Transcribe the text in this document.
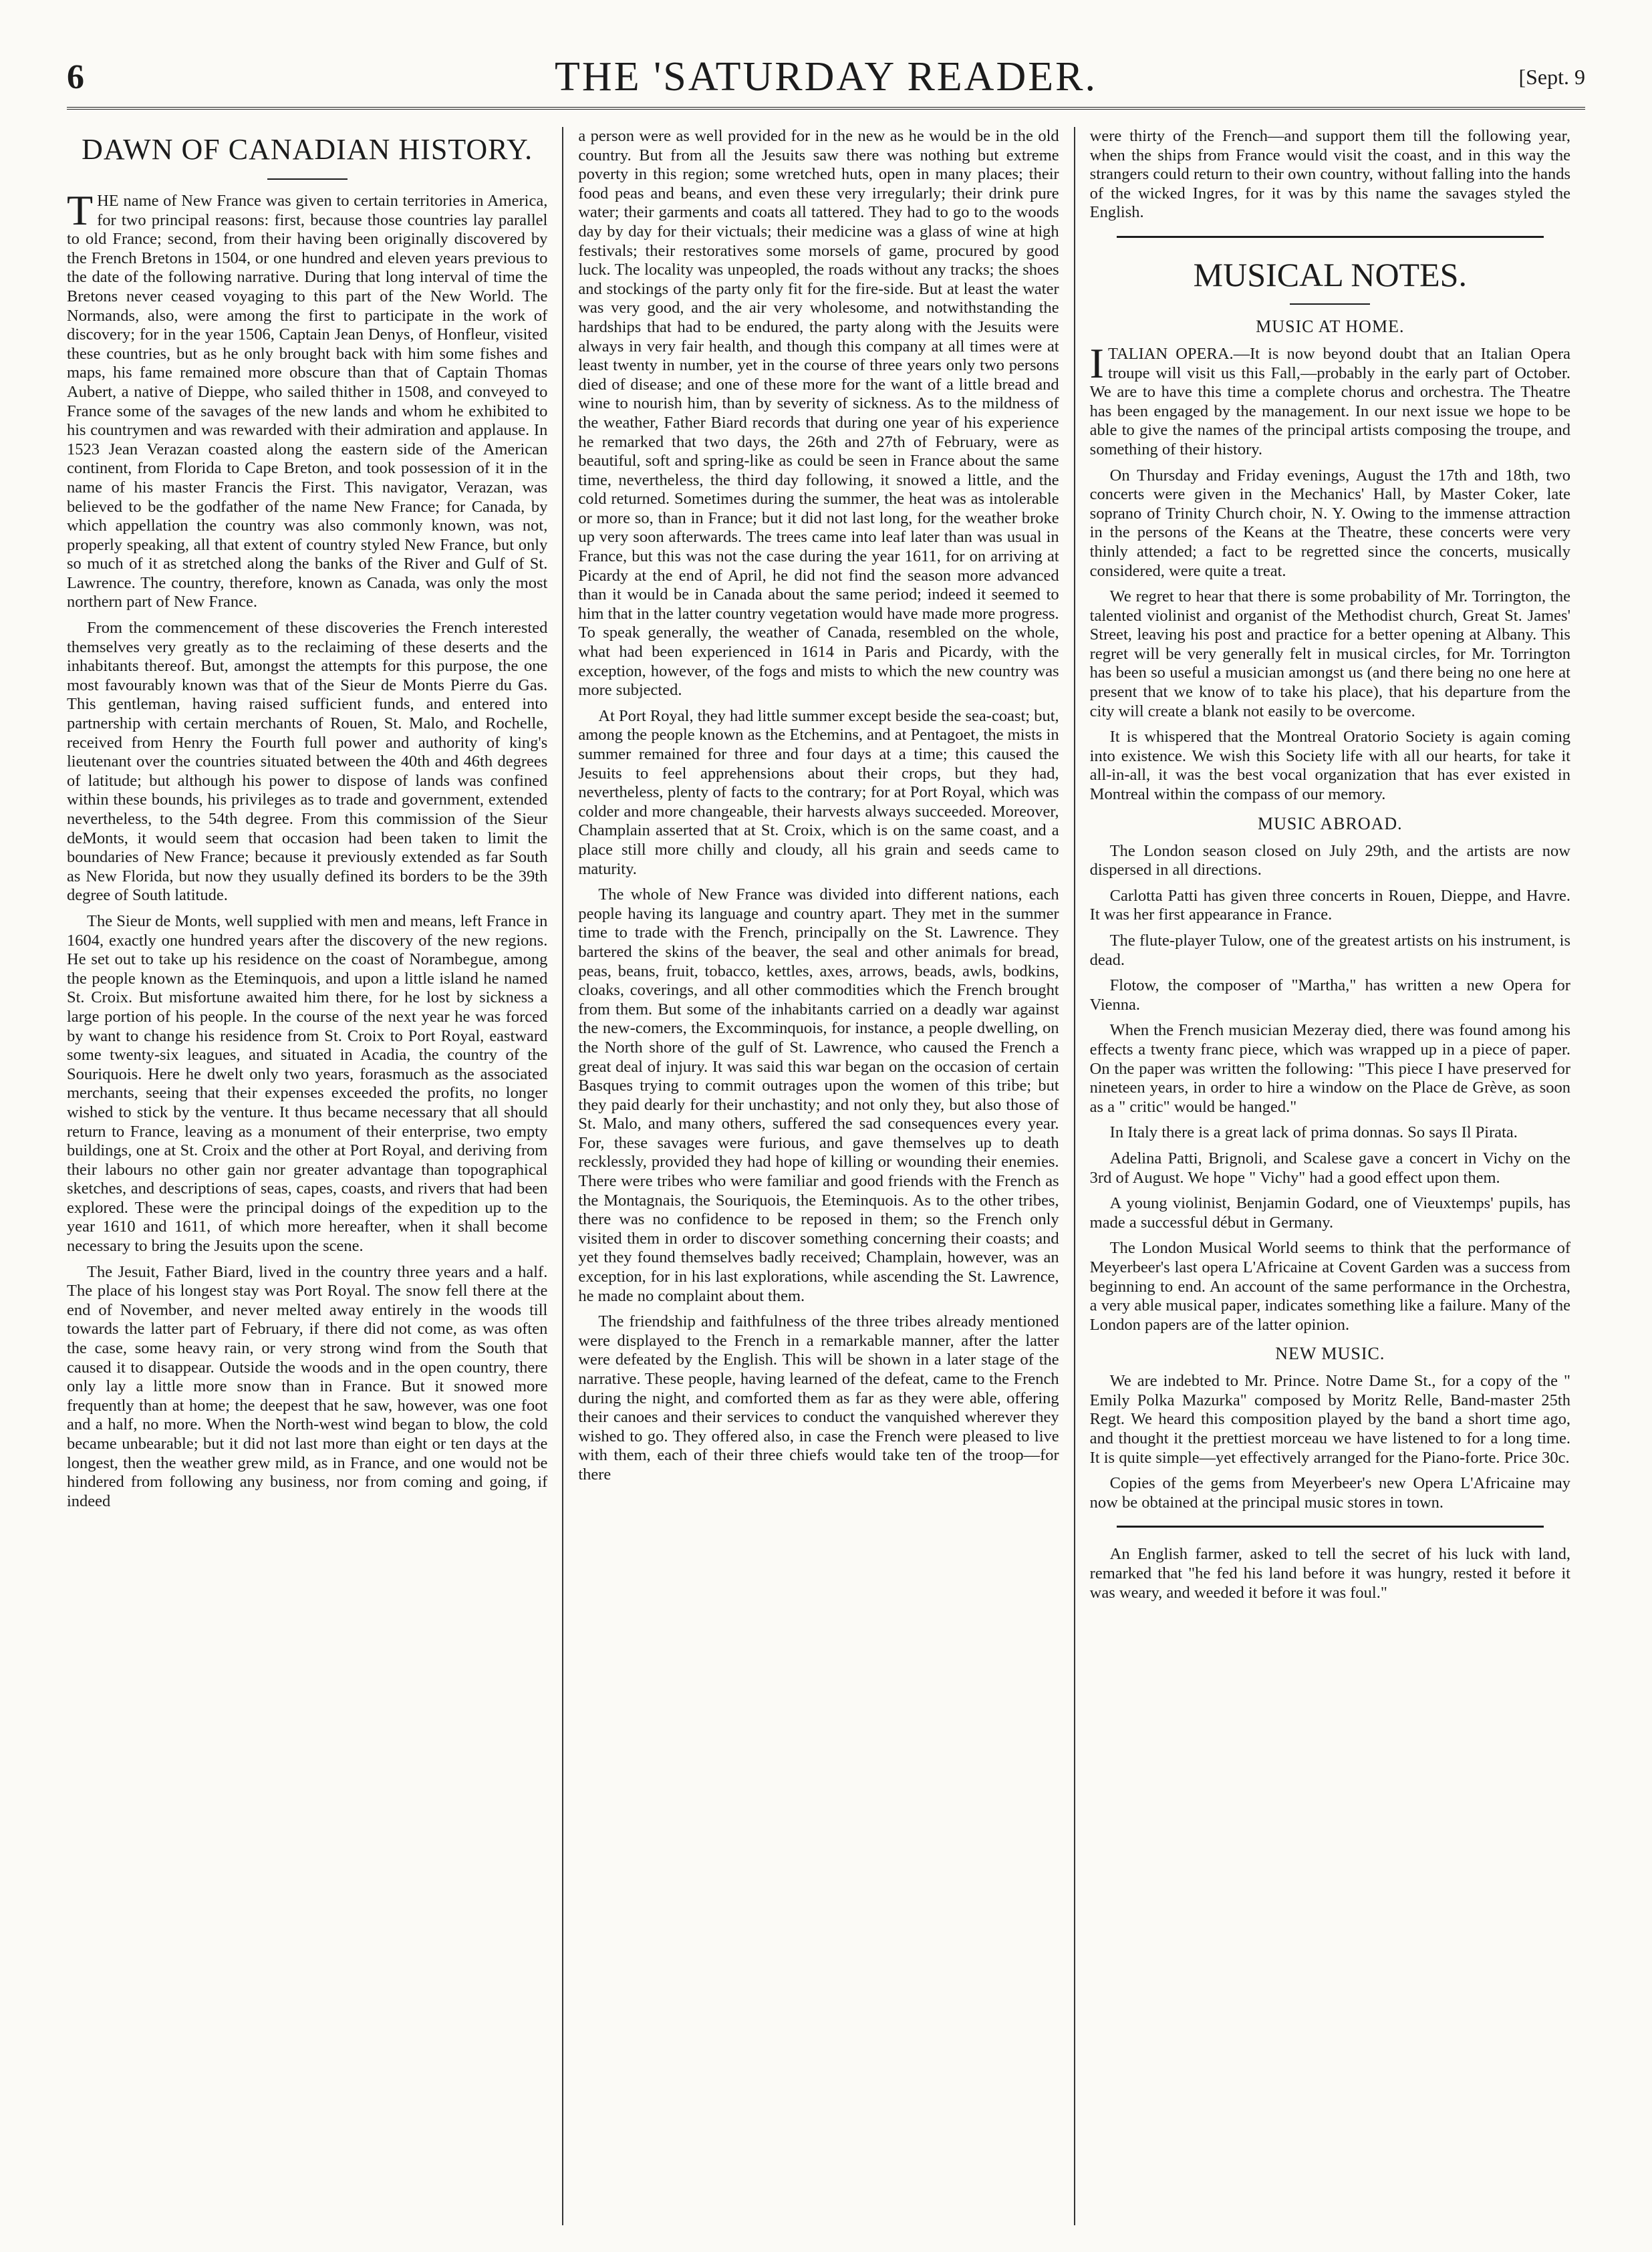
6	THE 'SATURDAY READER.	[Sept. 9
DAWN OF CANADIAN HISTORY.

THE name of New France was given to certain territories in America, for two principal reasons: first, because those countries lay parallel to old France; second, from their having been originally discovered by the French Bretons in 1504, or one hundred and eleven years previous to the date of the following narrative. During that long interval of time the Bretons never ceased voyaging to this part of the New World. The Normands, also, were among the first to participate in the work of discovery; for in the year 1506, Captain Jean Denys, of Honfleur, visited these countries, but as he only brought back with him some fishes and maps, his fame remained more obscure than that of Captain Thomas Aubert, a native of Dieppe, who sailed thither in 1508, and conveyed to France some of the savages of the new lands and whom he exhibited to his countrymen and was rewarded with their admiration and applause. In 1523 Jean Verazan coasted along the eastern side of the American continent, from Florida to Cape Breton, and took possession of it in the name of his master Francis the First. This navigator, Verazan, was believed to be the godfather of the name New France; for Canada, by which appellation the country was also commonly known, was not, properly speaking, all that extent of country styled New France, but only so much of it as stretched along the banks of the River and Gulf of St. Lawrence. The country, therefore, known as Canada, was only the most northern part of New France.

From the commencement of these discoveries the French interested themselves very greatly as to the reclaiming of these deserts and the inhabitants thereof. But, amongst the attempts for this purpose, the one most favourably known was that of the Sieur de Monts Pierre du Gas. This gentleman, having raised sufficient funds, and entered into partnership with certain merchants of Rouen, St. Malo, and Rochelle, received from Henry the Fourth full power and authority of king's lieutenant over the countries situated between the 40th and 46th degrees of latitude; but although his power to dispose of lands was confined within these bounds, his privileges as to trade and government, extended nevertheless, to the 54th degree. From this commission of the Sieur deMonts, it would seem that occasion had been taken to limit the boundaries of New France; because it previously extended as far South as New Florida, but now they usually defined its borders to be the 39th degree of South latitude.

The Sieur de Monts, well supplied with men and means, left France in 1604, exactly one hundred years after the discovery of the new regions. He set out to take up his residence on the coast of Norambegue, among the people known as the Eteminquois, and upon a little island he named St. Croix. But misfortune awaited him there, for he lost by sickness a large portion of his people. In the course of the next year he was forced by want to change his residence from St. Croix to Port Royal, eastward some twenty-six leagues, and situated in Acadia, the country of the Souriquois. Here he dwelt only two years, forasmuch as the associated merchants, seeing that their expenses exceeded the profits, no longer wished to stick by the venture. It thus became necessary that all should return to France, leaving as a monument of their enterprise, two empty buildings, one at St. Croix and the other at Port Royal, and deriving from their labours no other gain nor greater advantage than topographical sketches, and descriptions of seas, capes, coasts, and rivers that had been explored. These were the principal doings of the expedition up to the year 1610 and 1611, of which more hereafter, when it shall become necessary to bring the Jesuits upon the scene.

The Jesuit, Father Biard, lived in the country three years and a half. The place of his longest stay was Port Royal. The snow fell there at the end of November, and never melted away entirely in the woods till towards the latter part of February, if there did not come, as was often the case, some heavy rain, or very strong wind from the South that caused it to disappear. Outside the woods and in the open country, there only lay a little more snow than in France. But it snowed more frequently than at home; the deepest that he saw, however, was one foot and a half, no more. When the North-west wind began to blow, the cold became unbearable; but it did not last more than eight or ten days at the longest, then the weather grew mild, as in France, and one would not be hindered from following any business, nor from coming and going, if indeed

a person were as well provided for in the new as he would be in the old country. But from all the Jesuits saw there was nothing but extreme poverty in this region; some wretched huts, open in many places; their food peas and beans, and even these very irregularly; their drink pure water; their garments and coats all tattered. They had to go to the woods day by day for their victuals; their medicine was a glass of wine at high festivals; their restoratives some morsels of game, procured by good luck. The locality was unpeopled, the roads without any tracks; the shoes and stockings of the party only fit for the fire-side. But at least the water was very good, and the air very wholesome, and notwithstanding the hardships that had to be endured, the party along with the Jesuits were always in very fair health, and though this company at all times were at least twenty in number, yet in the course of three years only two persons died of disease; and one of these more for the want of a little bread and wine to nourish him, than by severity of sickness. As to the mildness of the weather, Father Biard records that during one year of his experience he remarked that two days, the 26th and 27th of February, were as beautiful, soft and spring-like as could be seen in France about the same time, nevertheless, the third day following, it snowed a little, and the cold returned. Sometimes during the summer, the heat was as intolerable or more so, than in France; but it did not last long, for the weather broke up very soon afterwards. The trees came into leaf later than was usual in France, but this was not the case during the year 1611, for on arriving at Picardy at the end of April, he did not find the season more advanced than it would be in Canada about the same period; indeed it seemed to him that in the latter country vegetation would have made more progress. To speak generally, the weather of Canada, resembled on the whole, what had been experienced in 1614 in Paris and Picardy, with the exception, however, of the fogs and mists to which the new country was more subjected.

At Port Royal, they had little summer except beside the sea-coast; but, among the people known as the Etchemins, and at Pentagoet, the mists in summer remained for three and four days at a time; this caused the Jesuits to feel apprehensions about their crops, but they had, nevertheless, plenty of facts to the contrary; for at Port Royal, which was colder and more changeable, their harvests always succeeded. Moreover, Champlain asserted that at St. Croix, which is on the same coast, and a place still more chilly and cloudy, all his grain and seeds came to maturity.

The whole of New France was divided into different nations, each people having its language and country apart. They met in the summer time to trade with the French, principally on the St. Lawrence. They bartered the skins of the beaver, the seal and other animals for bread, peas, beans, fruit, tobacco, kettles, axes, arrows, beads, awls, bodkins, cloaks, coverings, and all other commodities which the French brought from them. But some of the inhabitants carried on a deadly war against the new-comers, the Excomminquois, for instance, a people dwelling, on the North shore of the gulf of St. Lawrence, who caused the French a great deal of injury. It was said this war began on the occasion of certain Basques trying to commit outrages upon the women of this tribe; but they paid dearly for their unchastity; and not only they, but also those of St. Malo, and many others, suffered the sad consequences every year. For, these savages were furious, and gave themselves up to death recklessly, provided they had hope of killing or wounding their enemies. There were tribes who were familiar and good friends with the French as the Montagnais, the Souriquois, the Eteminquois. As to the other tribes, there was no confidence to be reposed in them; so the French only visited them in order to discover something concerning their coasts; and yet they found themselves badly received; Champlain, however, was an exception, for in his last explorations, while ascending the St. Lawrence, he made no complaint about them.

The friendship and faithfulness of the three tribes already mentioned were displayed to the French in a remarkable manner, after the latter were defeated by the English. This will be shown in a later stage of the narrative. These people, having learned of the defeat, came to the French during the night, and comforted them as far as they were able, offering their canoes and their services to conduct the vanquished wherever they wished to go. They offered also, in case the French were pleased to live with them, each of their three chiefs would take ten of the troop—for there

were thirty of the French—and support them till the following year, when the ships from France would visit the coast, and in this way the strangers could return to their own country, without falling into the hands of the wicked Ingres, for it was by this name the savages styled the English.

MUSICAL NOTES.
MUSIC AT HOME.

ITALIAN OPERA.—It is now beyond doubt that an Italian Opera troupe will visit us this Fall,—probably in the early part of October. We are to have this time a complete chorus and orchestra. The Theatre has been engaged by the management. In our next issue we hope to be able to give the names of the principal artists composing the troupe, and something of their history.

On Thursday and Friday evenings, August the 17th and 18th, two concerts were given in the Mechanics' Hall, by Master Coker, late soprano of Trinity Church choir, N. Y. Owing to the immense attraction in the persons of the Keans at the Theatre, these concerts were very thinly attended; a fact to be regretted since the concerts, musically considered, were quite a treat.

We regret to hear that there is some probability of Mr. Torrington, the talented violinist and organist of the Methodist church, Great St. James' Street, leaving his post and practice for a better opening at Albany. This regret will be very generally felt in musical circles, for Mr. Torrington has been so useful a musician amongst us (and there being no one here at present that we know of to take his place), that his departure from the city will create a blank not easily to be overcome.

It is whispered that the Montreal Oratorio Society is again coming into existence. We wish this Society life with all our hearts, for take it all-in-all, it was the best vocal organization that has ever existed in Montreal within the compass of our memory.

MUSIC ABROAD.

The London season closed on July 29th, and the artists are now dispersed in all directions.

Carlotta Patti has given three concerts in Rouen, Dieppe, and Havre. It was her first appearance in France.

The flute-player Tulow, one of the greatest artists on his instrument, is dead.

Flotow, the composer of "Martha," has written a new Opera for Vienna.

When the French musician Mezeray died, there was found among his effects a twenty franc piece, which was wrapped up in a piece of paper. On the paper was written the following: "This piece I have preserved for nineteen years, in order to hire a window on the Place de Grève, as soon as a " critic" would be hanged."

In Italy there is a great lack of prima donnas. So says Il Pirata.

Adelina Patti, Brignoli, and Scalese gave a concert in Vichy on the 3rd of August. We hope " Vichy" had a good effect upon them.

A young violinist, Benjamin Godard, one of Vieuxtemps' pupils, has made a successful début in Germany.

The London Musical World seems to think that the performance of Meyerbeer's last opera L'Africaine at Covent Garden was a success from beginning to end. An account of the same performance in the Orchestra, a very able musical paper, indicates something like a failure. Many of the London papers are of the latter opinion.

NEW MUSIC.

We are indebted to Mr. Prince. Notre Dame St., for a copy of the " Emily Polka Mazurka" composed by Moritz Relle, Band-master 25th Regt. We heard this composition played by the band a short time ago, and thought it the prettiest morceau we have listened to for a long time. It is quite simple—yet effectively arranged for the Piano-forte. Price 30c.

Copies of the gems from Meyerbeer's new Opera L'Africaine may now be obtained at the principal music stores in town.

An English farmer, asked to tell the secret of his luck with land, remarked that "he fed his land before it was hungry, rested it before it was weary, and weeded it before it was foul."
